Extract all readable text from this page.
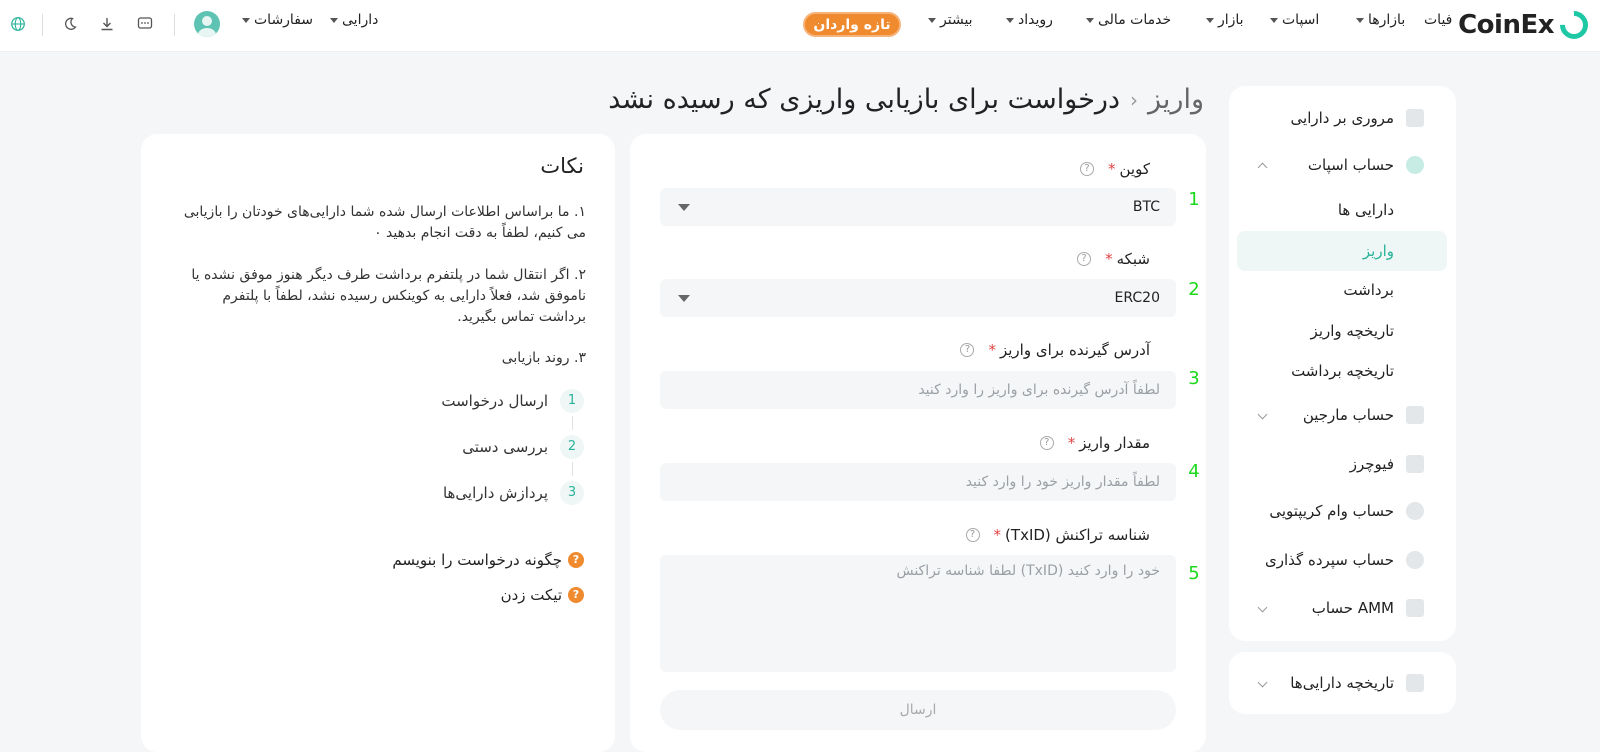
CoinEx
فیات
بازارها
اسپات
بازار
خدمات مالی
رویداد
بیشتر
تازه واردان
دارایی
سفارشات
واریز
‹
درخواست برای بازیابی واریزی که رسیده نشد
مروری بر دارایی
حساب اسپات
دارایی ها
واریز
برداشت
تاریخچه واریز
تاریخچه برداشت
حساب مارجین
فیوچرز
حساب وام کریپتویی
حساب سپرده گذاری
حساب AMM
تاریخچه دارایی‌ها
کوین
*
?
BTC 1
شبکه
*
?
ERC20 2
آدرس گیرنده برای واریز
*
?
لطفاً آدرس گیرنده برای واریز را وارد کنید
3
مقدار واریز
*
?
لطفاً مقدار واریز خود را وارد کنید	4
شناسه تراکنش (TxID)
*
?
لطفا شناسه تراکنش (TxID) خود را وارد کنید	5
ارسال
نکات
۱. ما براساس اطلاعات ارسال شده شما دارایی‌های خودتان را بازیابی می کنیم، لطفاً به دقت انجام بدهید ۰
۲. اگر انتقال شما در پلتفرم برداشت طرف دیگر هنوز موفق نشده یا ناموفق شد، فعلاً دارایی به کوینکس رسیده نشد، لطفاً با پلتفرم برداشت تماس بگیرید.
۳. روند بازیابی
1
ارسال درخواست
2
بررسی دستی
3
پردازش دارایی‌ها
?
چگونه درخواست را بنویسم
?
تیکت زدن
